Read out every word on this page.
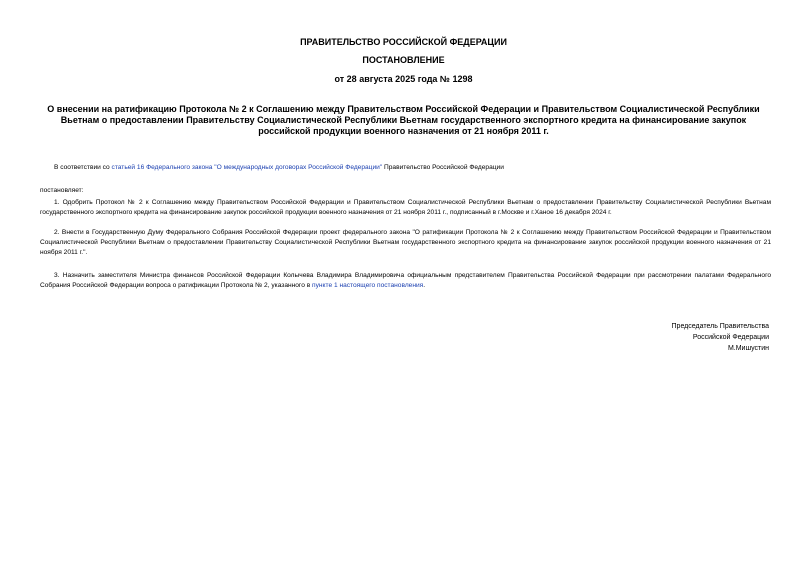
ПРАВИТЕЛЬСТВО РОССИЙСКОЙ ФЕДЕРАЦИИ
ПОСТАНОВЛЕНИЕ
от 28 августа 2025 года № 1298
О внесении на ратификацию Протокола № 2 к Соглашению между Правительством Российской Федерации и Правительством Социалистической Республики Вьетнам о предоставлении Правительству Социалистической Республики Вьетнам государственного экспортного кредита на финансирование закупок российской продукции военного назначения от 21 ноября 2011 г.
В соответствии со статьей 16 Федерального закона "О международных договорах Российской Федерации" Правительство Российской Федерации
постановляет:
1. Одобрить Протокол № 2 к Соглашению между Правительством Российской Федерации и Правительством Социалистической Республики Вьетнам о предоставлении Правительству Социалистической Республики Вьетнам государственного экспортного кредита на финансирование закупок российской продукции военного назначения от 21 ноября 2011 г., подписанный в г.Москве и г.Ханое 16 декабря 2024 г.
2. Внести в Государственную Думу Федерального Собрания Российской Федерации проект федерального закона "О ратификации Протокола № 2 к Соглашению между Правительством Российской Федерации и Правительством Социалистической Республики Вьетнам о предоставлении Правительству Социалистической Республики Вьетнам государственного экспортного кредита на финансирование закупок российской продукции военного назначения от 21 ноября 2011 г.".
3. Назначить заместителя Министра финансов Российской Федерации Колычева Владимира Владимировича официальным представителем Правительства Российской Федерации при рассмотрении палатами Федерального Собрания Российской Федерации вопроса о ратификации Протокола № 2, указанного в пункте 1 настоящего постановления.
Председатель Правительства
Российской Федерации
М.Мишустин
